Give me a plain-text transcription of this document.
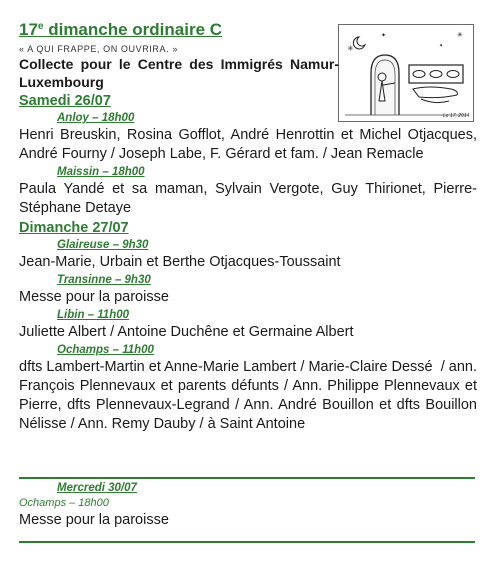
✳
✦	✳
✦
Le 17, 2014
17e dimanche ordinaire C
« A QUI FRAPPE, ON OUVRIRA. »
Collecte pour le Centre des Immigrés Namur-Luxembourg
Samedi 26/07
Anloy – 18h00
Henri Breuskin, Rosina Gofflot, André Henrottin et Michel Otjacques, André Fourny / Joseph Labe, F. Gérard et fam. / Jean Remacle
Maissin – 18h00
Paula Yandé et sa maman, Sylvain Vergote, Guy Thirionet, Pierre-Stéphane Detaye
Dimanche 27/07
Glaireuse – 9h30
Jean-Marie, Urbain et Berthe Otjacques-Toussaint
Transinne – 9h30
Messe pour la paroisse
Libin – 11h00
Juliette Albert / Antoine Duchêne et Germaine Albert
Ochamps – 11h00
dfts Lambert-Martin et Anne-Marie Lambert / Marie-Claire Dessé  / ann. François Plennevaux et parents défunts / Ann. Philippe Plennevaux et Pierre, dfts Plennevaux-Legrand / Ann. André Bouillon et dfts Bouillon Nélisse / Ann. Remy Dauby / à Saint Antoine
Mercredi 30/07
Ochamps – 18h00
Messe pour la paroisse
